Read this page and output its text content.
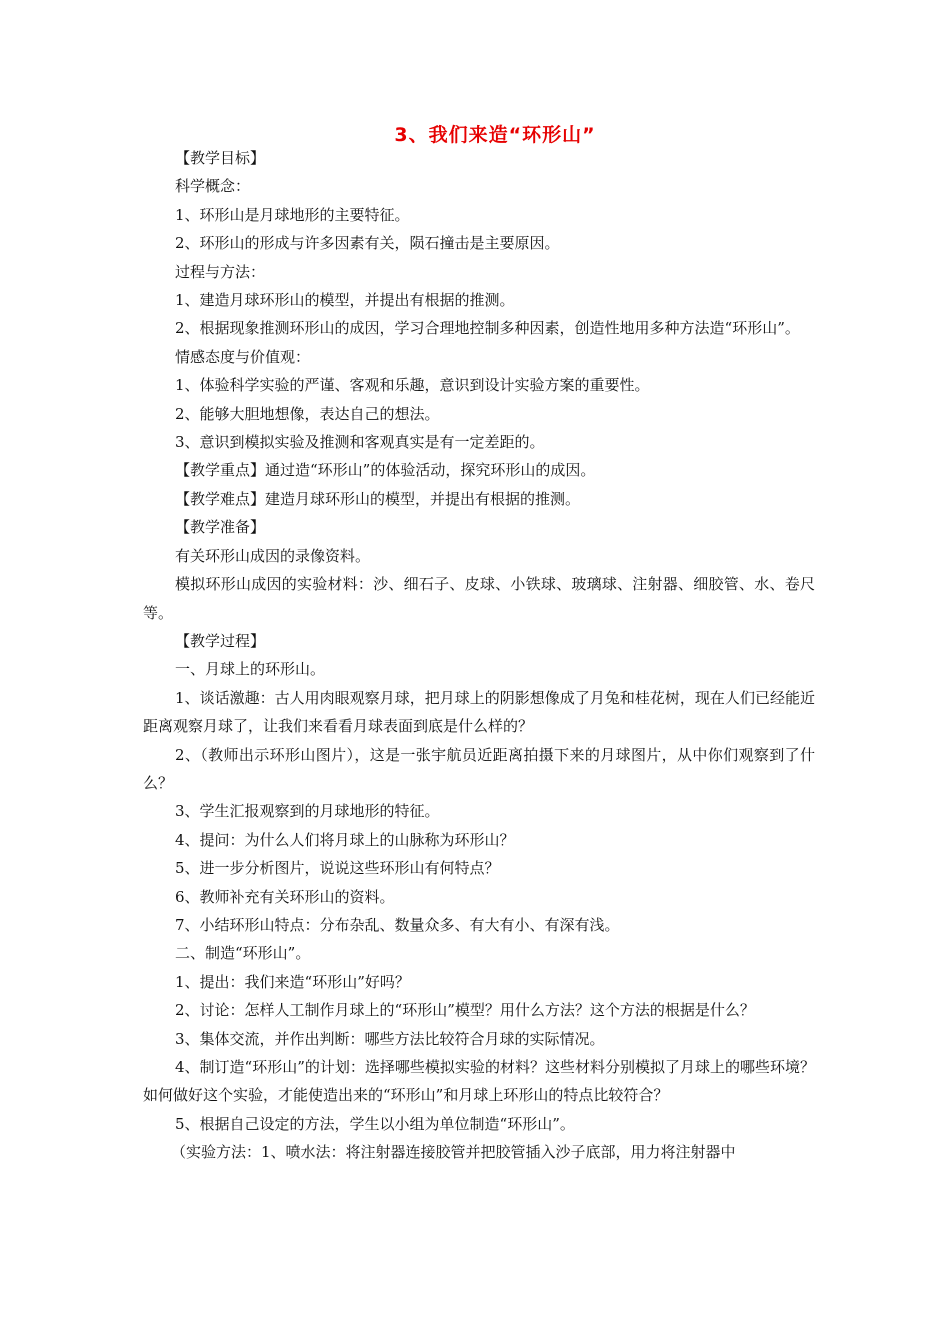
3、我们来造“环形山”

【教学目标】

科学概念：

1、环形山是月球地形的主要特征。

2、环形山的形成与许多因素有关，陨石撞击是主要原因。

过程与方法：

1、建造月球环形山的模型，并提出有根据的推测。

2、根据现象推测环形山的成因，学习合理地控制多种因素，创造性地用多种方法造“环形山”。

情感态度与价值观：

1、体验科学实验的严谨、客观和乐趣，意识到设计实验方案的重要性。

2、能够大胆地想像，表达自己的想法。

3、意识到模拟实验及推测和客观真实是有一定差距的。

【教学重点】通过造“环形山”的体验活动，探究环形山的成因。

【教学难点】建造月球环形山的模型，并提出有根据的推测。

【教学准备】

有关环形山成因的录像资料。

模拟环形山成因的实验材料：沙、细石子、皮球、小铁球、玻璃球、注射器、细胶管、水、卷尺等。

【教学过程】

一、月球上的环形山。

1、谈话激趣：古人用肉眼观察月球，把月球上的阴影想像成了月兔和桂花树，现在人们已经能近距离观察月球了，让我们来看看月球表面到底是什么样的？

2、（教师出示环形山图片），这是一张宇航员近距离拍摄下来的月球图片，从中你们观察到了什么？

3、学生汇报观察到的月球地形的特征。

4、提问：为什么人们将月球上的山脉称为环形山？

5、进一步分析图片，说说这些环形山有何特点？

6、教师补充有关环形山的资料。

7、小结环形山特点：分布杂乱、数量众多、有大有小、有深有浅。

二、制造“环形山”。

1、提出：我们来造“环形山”好吗？

2、讨论：怎样人工制作月球上的“环形山”模型？用什么方法？这个方法的根据是什么？

3、集体交流，并作出判断：哪些方法比较符合月球的实际情况。

4、制订造“环形山”的计划：选择哪些模拟实验的材料？这些材料分别模拟了月球上的哪些环境？如何做好这个实验，才能使造出来的“环形山”和月球上环形山的特点比较符合？

5、根据自己设定的方法，学生以小组为单位制造“环形山”。

（实验方法：1、喷水法：将注射器连接胶管并把胶管插入沙子底部，用力将注射器中
